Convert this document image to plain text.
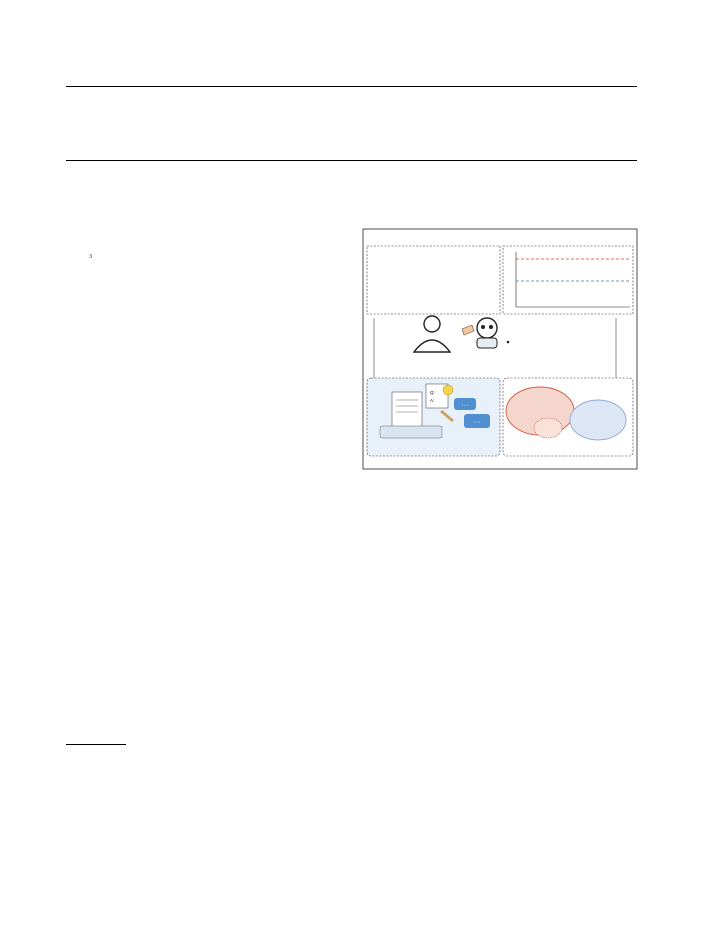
$^3$

Q:
A:
···
···
